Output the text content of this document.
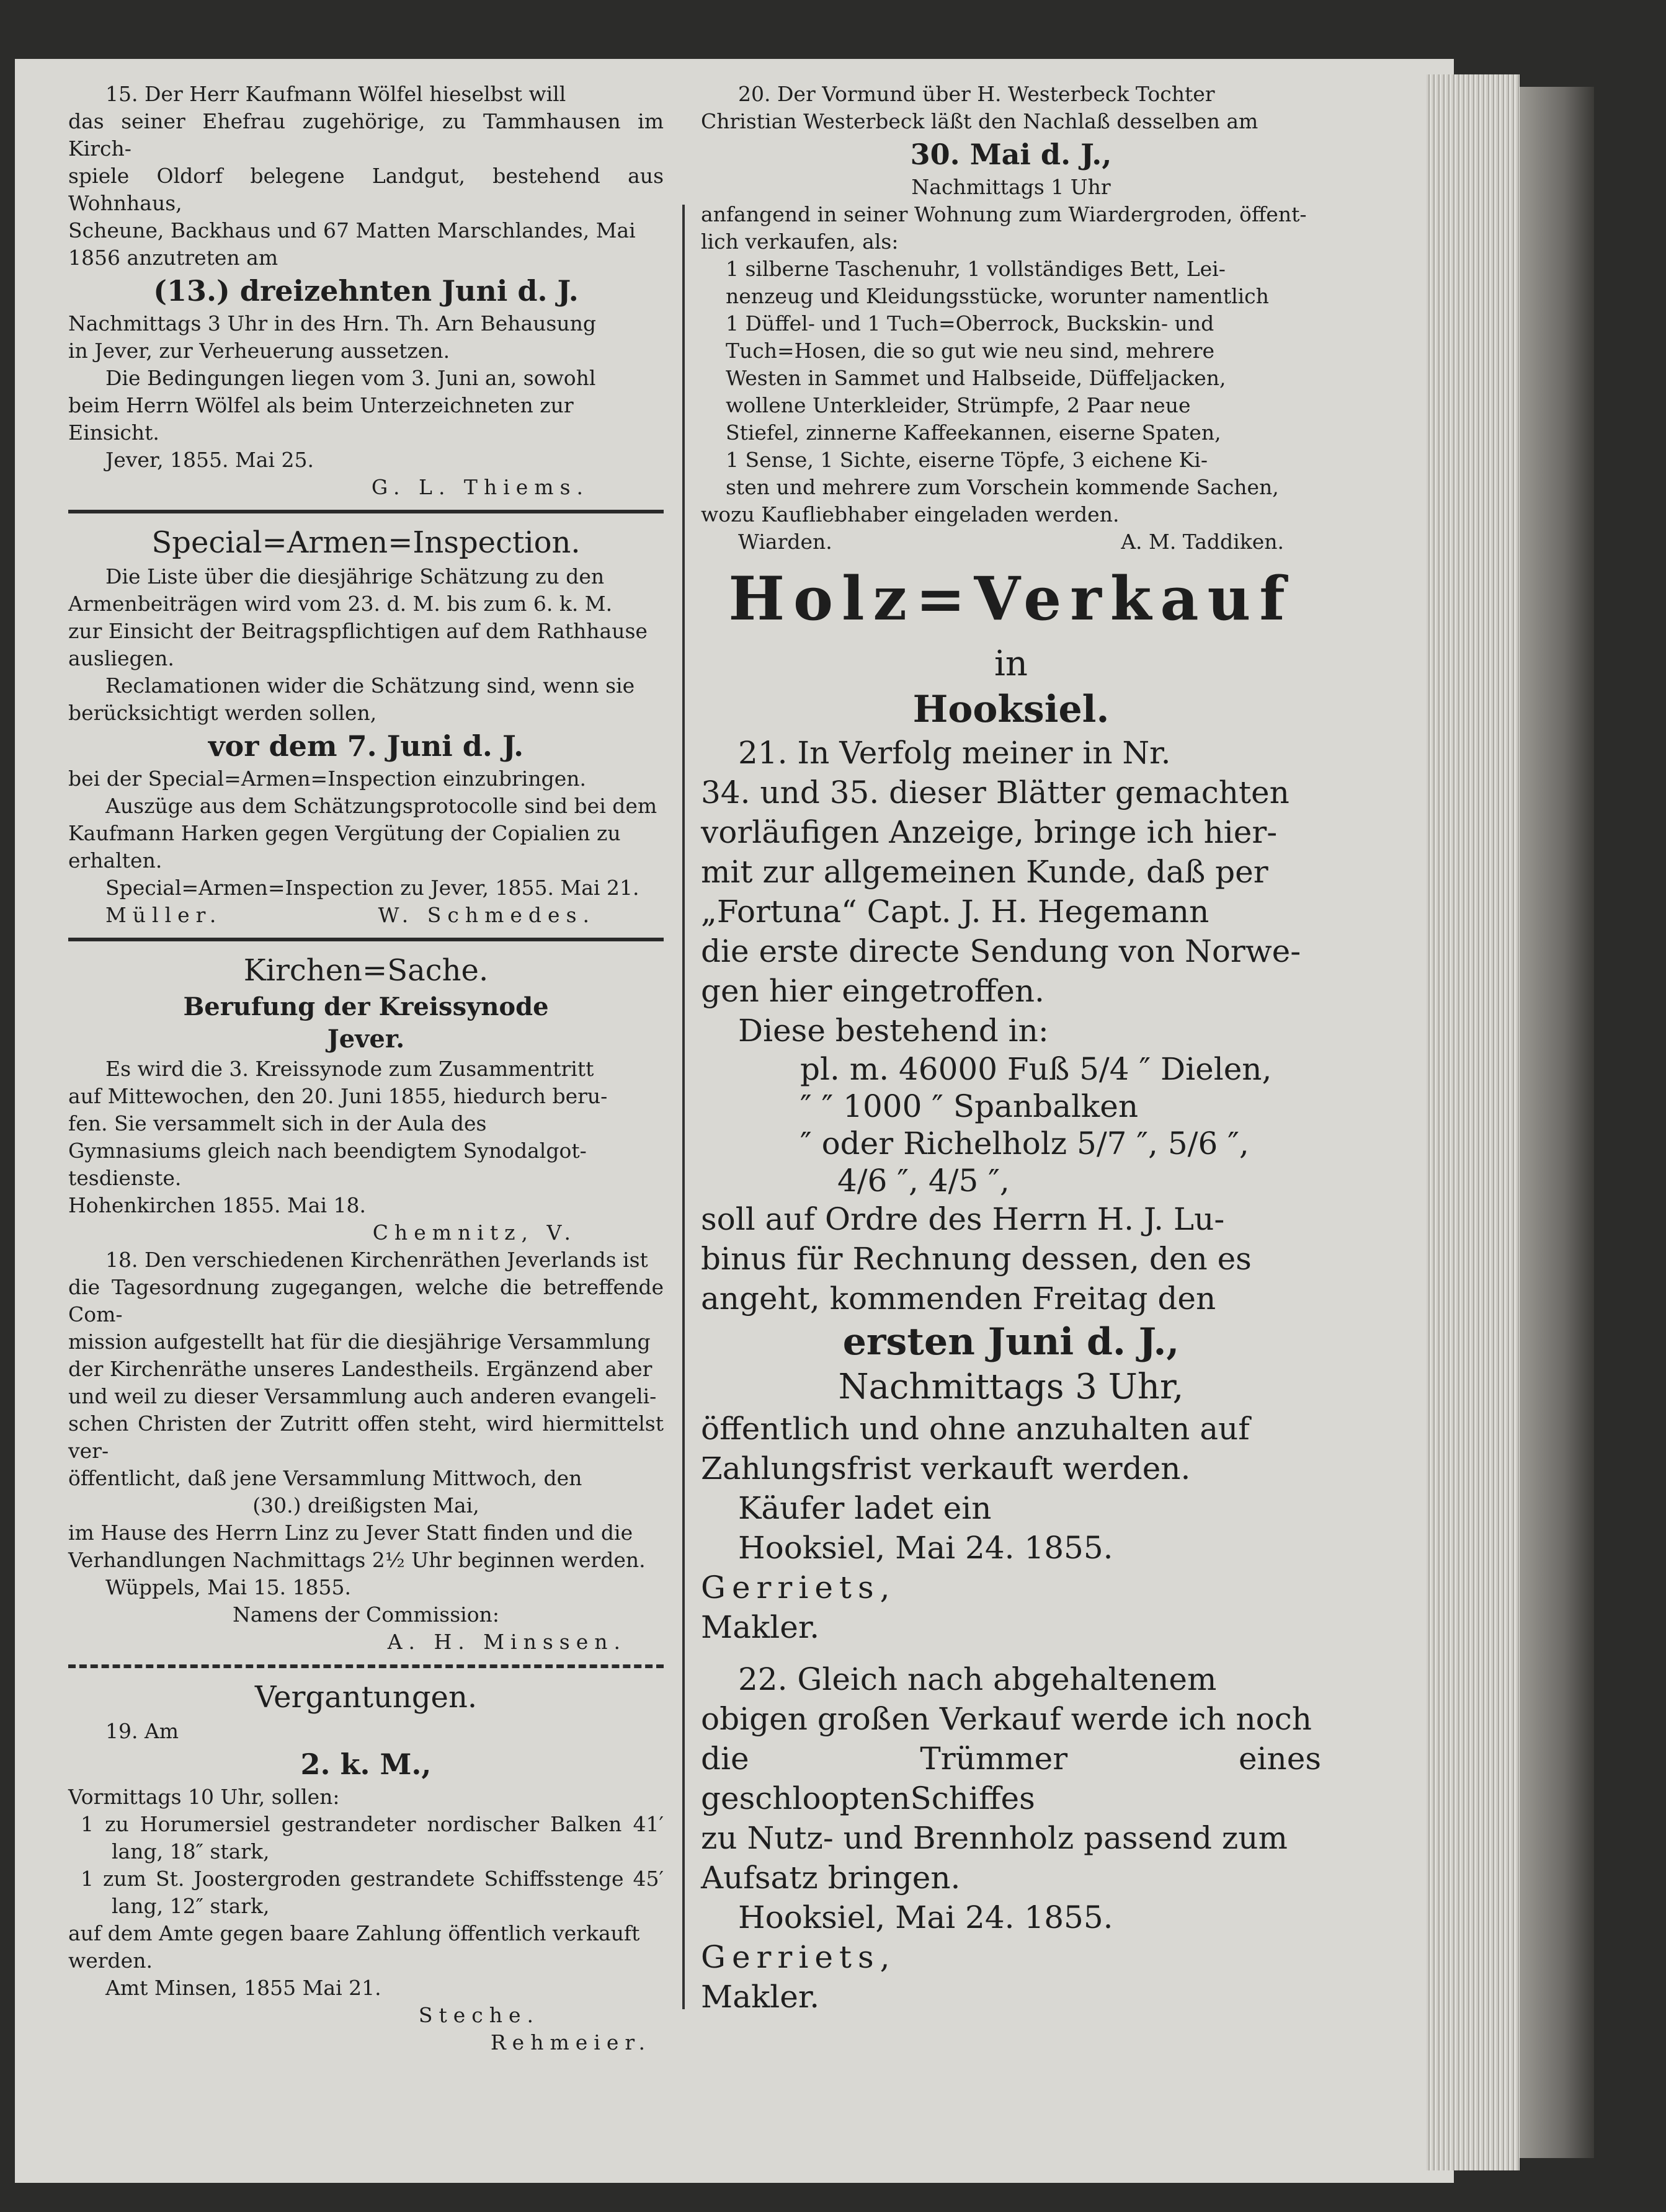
15. Der Herr Kaufmann Wölfel hieselbst will

das seiner Ehefrau zugehörige, zu Tammhausen im Kirch-

spiele Oldorf belegene Landgut, bestehend aus Wohnhaus,

Scheune, Backhaus und 67 Matten Marschlandes, Mai

1856 anzutreten am

(13.) dreizehnten Juni d. J.

Nachmittags 3 Uhr in des Hrn. Th. Arn Behausung

in Jever, zur Verheuerung aussetzen.

Die Bedingungen liegen vom 3. Juni an, sowohl

beim Herrn Wölfel als beim Unterzeichneten zur

Einsicht.

Jever, 1855. Mai 25.

G. L. Thiems.

Special=Armen=Inspection.

Die Liste über die diesjährige Schätzung zu den

Armenbeiträgen wird vom 23. d. M. bis zum 6. k. M.

zur Einsicht der Beitragspflichtigen auf dem Rathhause

ausliegen.

Reclamationen wider die Schätzung sind, wenn sie

berücksichtigt werden sollen,

vor dem 7. Juni d. J.

bei der Special=Armen=Inspection einzubringen.

Auszüge aus dem Schätzungsprotocolle sind bei dem

Kaufmann Harken gegen Vergütung der Copialien zu

erhalten.

Special=Armen=Inspection zu Jever, 1855. Mai 21.

Müller.	W. Schmedes.

Kirchen=Sache.

Berufung der Kreissynode

Jever.

Es wird die 3. Kreissynode zum Zusammentritt

auf Mittewochen, den 20. Juni 1855, hiedurch beru-

fen. Sie versammelt sich in der Aula des

Gymnasiums gleich nach beendigtem Synodalgot-

tesdienste.

Hohenkirchen 1855. Mai 18.

Chemnitz, V.

18. Den verschiedenen Kirchenräthen Jeverlands ist

die Tagesordnung zugegangen, welche die betreffende Com-

mission aufgestellt hat für die diesjährige Versammlung

der Kirchenräthe unseres Landestheils. Ergänzend aber

und weil zu dieser Versammlung auch anderen evangeli-

schen Christen der Zutritt offen steht, wird hiermittelst ver-

öffentlicht, daß jene Versammlung Mittwoch, den

(30.) dreißigsten Mai,

im Hause des Herrn Linz zu Jever Statt finden und die

Verhandlungen Nachmittags 2½ Uhr beginnen werden.

Wüppels, Mai 15. 1855.

Namens der Commission:

A. H. Minssen.

Vergantungen.

19. Am

2. k. M.,

Vormittags 10 Uhr, sollen:

1 zu Horumersiel gestrandeter nordischer Balken 41′ lang, 18″ stark,

1 zum St. Joostergroden gestrandete Schiffsstenge 45′ lang, 12″ stark,

auf dem Amte gegen baare Zahlung öffentlich verkauft

werden.

Amt Minsen, 1855 Mai 21.

Steche.

Rehmeier.

20. Der Vormund über H. Westerbeck Tochter

Christian Westerbeck läßt den Nachlaß desselben am

30. Mai d. J.,

Nachmittags 1 Uhr

anfangend in seiner Wohnung zum Wiardergroden, öffent-

lich verkaufen, als:

1 silberne Taschenuhr, 1 vollständiges Bett, Lei-

nenzeug und Kleidungsstücke, worunter namentlich

1 Düffel- und 1 Tuch=Oberrock, Buckskin- und

Tuch=Hosen, die so gut wie neu sind, mehrere

Westen in Sammet und Halbseide, Düffeljacken,

wollene Unterkleider, Strümpfe, 2 Paar neue

Stiefel, zinnerne Kaffeekannen, eiserne Spaten,

1 Sense, 1 Sichte, eiserne Töpfe, 3 eichene Ki-

sten und mehrere zum Vorschein kommende Sachen,

wozu Kaufliebhaber eingeladen werden.

Wiarden.	A. M. Taddiken.

Holz=Verkauf

in

Hooksiel.

21. In Verfolg meiner in Nr.

34. und 35. dieser Blätter gemachten

vorläufigen Anzeige, bringe ich hier-

mit zur allgemeinen Kunde, daß per

„Fortuna“ Capt. J. H. Hegemann

die erste directe Sendung von Norwe-

gen hier eingetroffen.

Diese bestehend in:

pl. m. 46000 Fuß 5/4 ″ Dielen,

″ ″ 1000 ″ Spanbalken

″ oder Richelholz 5/7 ″, 5/6 ″,

4/6 ″, 4/5 ″,

soll auf Ordre des Herrn H. J. Lu-

binus für Rechnung dessen, den es

angeht, kommenden Freitag den

ersten Juni d. J.,

Nachmittags 3 Uhr,

öffentlich und ohne anzuhalten auf

Zahlungsfrist verkauft werden.

Käufer ladet ein

Hooksiel, Mai 24. 1855.

Gerriets,

Makler.

22. Gleich nach abgehaltenem

obigen großen Verkauf werde ich noch

die Trümmer eines geschlooptenSchiffes

zu Nutz- und Brennholz passend zum

Aufsatz bringen.

Hooksiel, Mai 24. 1855.

Gerriets,

Makler.
